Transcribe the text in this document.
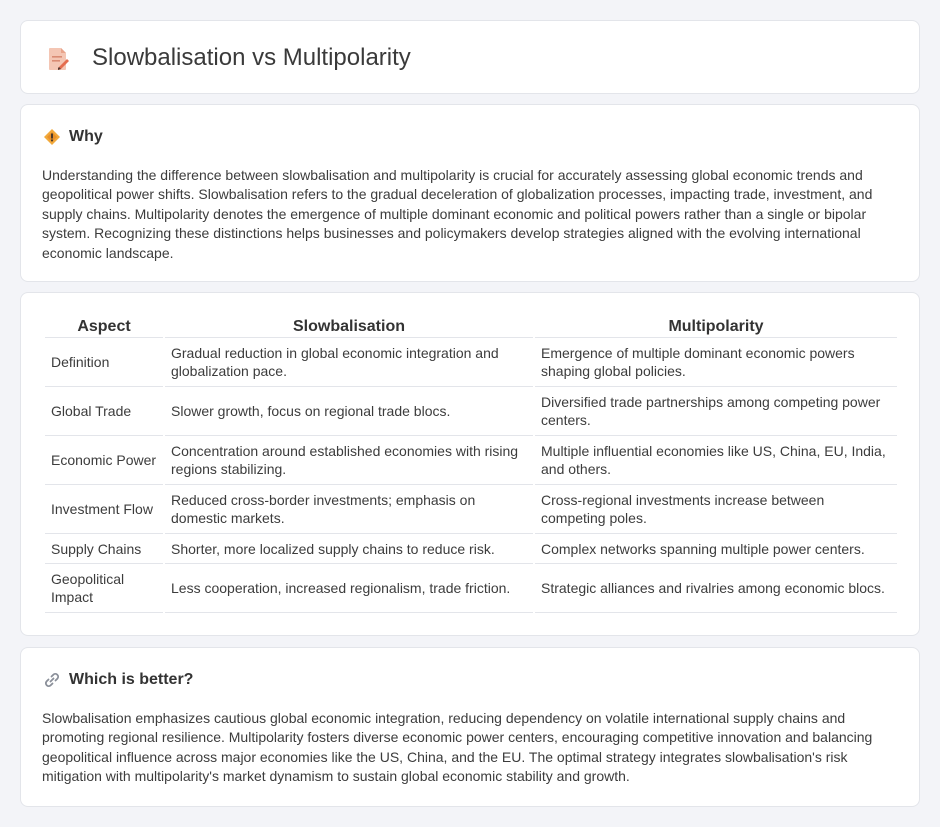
Slowbalisation vs Multipolarity
Why

Understanding the difference between slowbalisation and multipolarity is crucial for accurately assessing global economic trends and geopolitical power shifts. Slowbalisation refers to the gradual deceleration of globalization processes, impacting trade, investment, and supply chains. Multipolarity denotes the emergence of multiple dominant economic and political powers rather than a single or bipolar system. Recognizing these distinctions helps businesses and policymakers develop strategies aligned with the evolving international economic landscape.

Aspect	Slowbalisation	Multipolarity
Definition	Gradual reduction in global economic integration and globalization pace.	Emergence of multiple dominant economic powers shaping global policies.
Global Trade	Slower growth, focus on regional trade blocs.	Diversified trade partnerships among competing power centers.
Economic Power	Concentration around established economies with rising regions stabilizing.	Multiple influential economies like US, China, EU, India, and others.
Investment Flow	Reduced cross-border investments; emphasis on domestic markets.	Cross-regional investments increase between competing poles.
Supply Chains	Shorter, more localized supply chains to reduce risk.	Complex networks spanning multiple power centers.
Geopolitical Impact	Less cooperation, increased regionalism, trade friction.	Strategic alliances and rivalries among economic blocs.
Which is better?

Slowbalisation emphasizes cautious global economic integration, reducing dependency on volatile international supply chains and promoting regional resilience. Multipolarity fosters diverse economic power centers, encouraging competitive innovation and balancing geopolitical influence across major economies like the US, China, and the EU. The optimal strategy integrates slowbalisation's risk mitigation with multipolarity's market dynamism to sustain global economic stability and growth.
